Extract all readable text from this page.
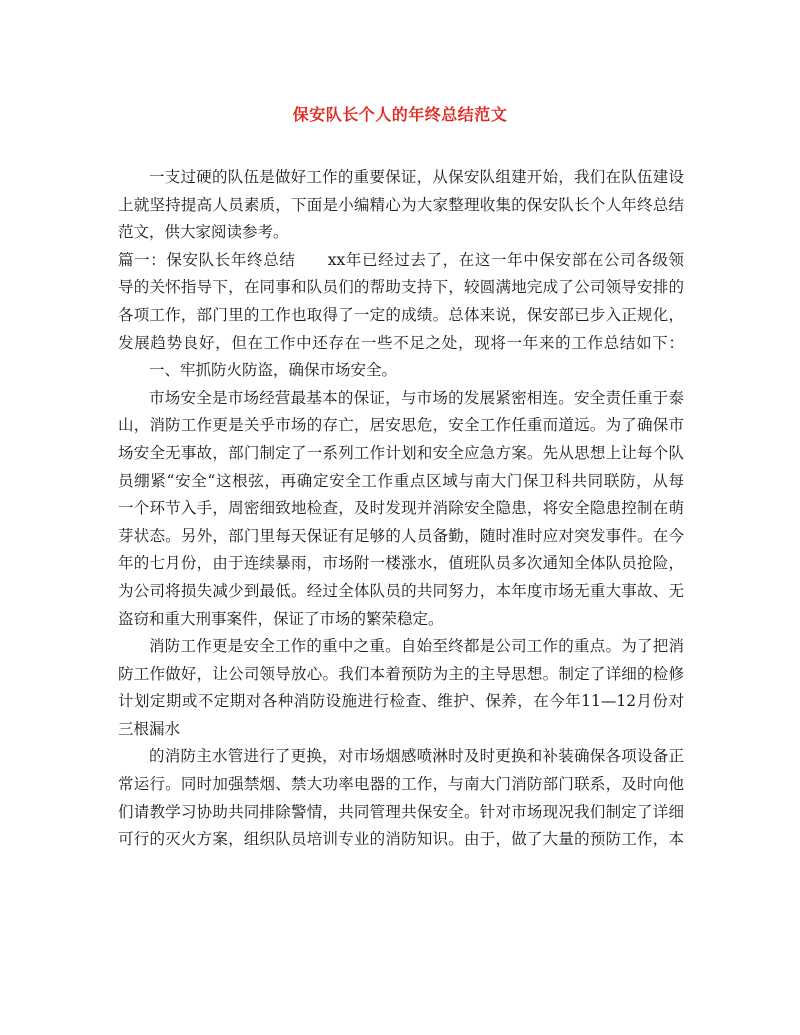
保安队长个人的年终总结范文
一支过硬的队伍是做好工作的重要保证，从保安队组建开始，我们在队伍建设
上就坚持提高人员素质，下面是小编精心为大家整理收集的保安队长个人年终总结
范文，供大家阅读参考。
篇一：保安队长年终总结　　xx年已经过去了，在这一年中保安部在公司各级领
导的关怀指导下，在同事和队员们的帮助支持下，较圆满地完成了公司领导安排的
各项工作，部门里的工作也取得了一定的成绩。总体来说，保安部已步入正规化，
发展趋势良好，但在工作中还存在一些不足之处，现将一年来的工作总结如下：
一、牢抓防火防盗，确保市场安全。
市场安全是市场经营最基本的保证，与市场的发展紧密相连。安全责任重于泰
山，消防工作更是关乎市场的存亡，居安思危，安全工作任重而道远。为了确保市
场安全无事故，部门制定了一系列工作计划和安全应急方案。先从思想上让每个队
员绷紧“安全“这根弦，再确定安全工作重点区域与南大门保卫科共同联防，从每
一个环节入手，周密细致地检查，及时发现并消除安全隐患，将安全隐患控制在萌
芽状态。另外，部门里每天保证有足够的人员备勤，随时准时应对突发事件。在今
年的七月份，由于连续暴雨，市场附一楼涨水，值班队员多次通知全体队员抢险，
为公司将损失减少到最低。经过全体队员的共同努力，本年度市场无重大事故、无
盗窃和重大刑事案件，保证了市场的繁荣稳定。
消防工作更是安全工作的重中之重。自始至终都是公司工作的重点。为了把消
防工作做好，让公司领导放心。我们本着预防为主的主导思想。制定了详细的检修
计划定期或不定期对各种消防设施进行检查、维护、保养，在今年11—12月份对
三根漏水
的消防主水管进行了更换，对市场烟感喷淋时及时更换和补装确保各项设备正
常运行。同时加强禁烟、禁大功率电器的工作，与南大门消防部门联系，及时向他
们请教学习协助共同排除警情，共同管理共保安全。针对市场现况我们制定了详细
可行的灭火方案，组织队员培训专业的消防知识。由于，做了大量的预防工作，本
